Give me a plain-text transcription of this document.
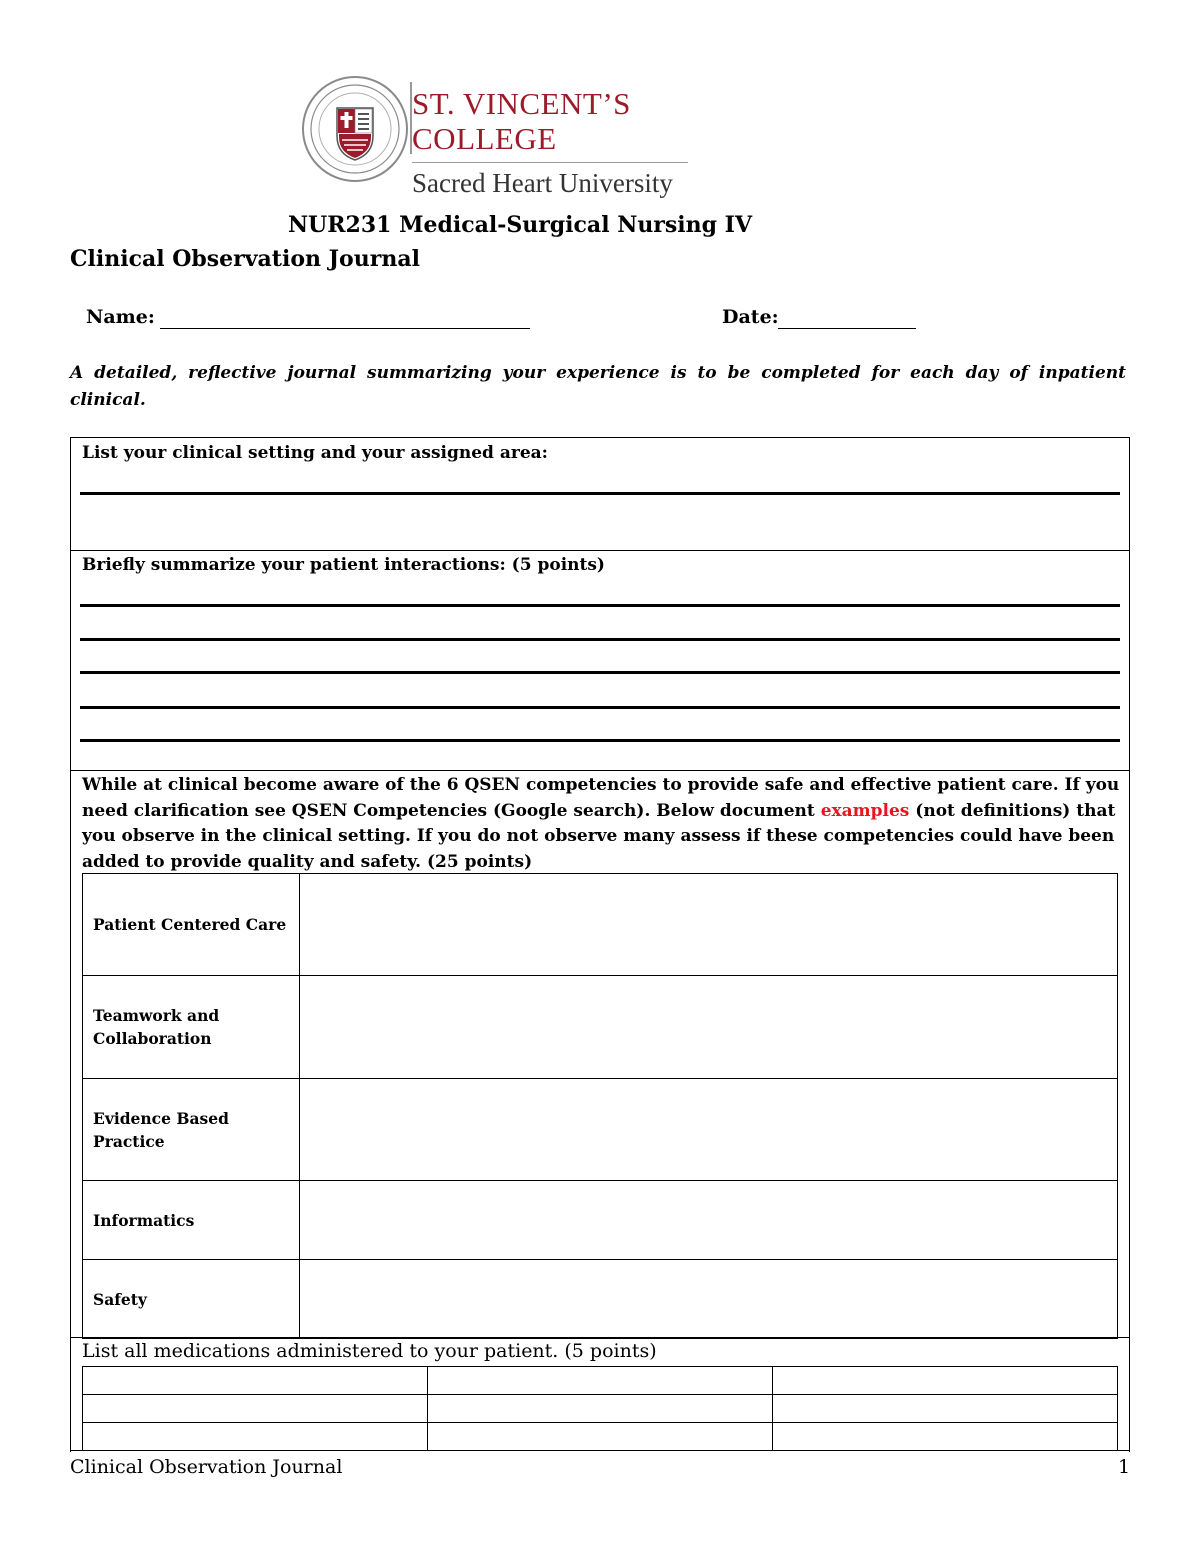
ST. VINCENT’S
COLLEGE
Sacred Heart University
NUR231 Medical-Surgical Nursing IV
Clinical Observation Journal
Name:	Date:
A detailed, reflective journal summarizing your experience is to be completed for each day of inpatient clinical.
List your clinical setting and your assigned area:
Briefly summarize your patient interactions: (5 points)
While at clinical become aware of the 6 QSEN competencies to provide safe and effective patient care. If you need clarification see QSEN Competencies (Google search). Below document examples (not definitions) that you observe in the clinical setting. If you do not observe many assess if these competencies could have been added to provide quality and safety. (25 points)
Patient Centered Care	
Teamwork and Collaboration	
Evidence Based Practice	
Informatics	
Safety	
List all medications administered to your patient. (5 points)

Clinical Observation Journal	1
